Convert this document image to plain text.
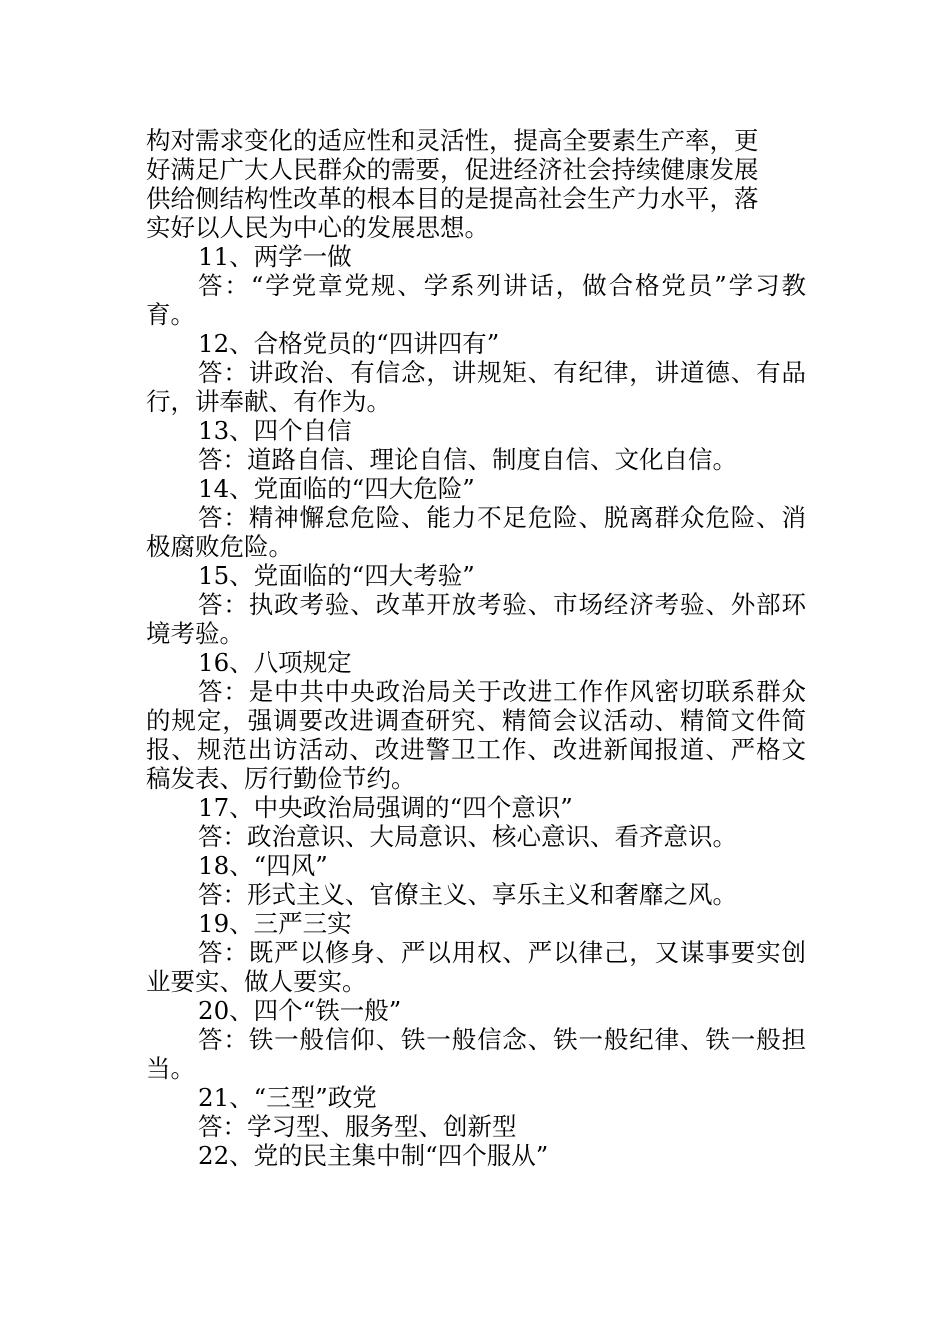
构对需求变化的适应性和灵活性，提高全要素生产率，更

好满足广大人民群众的需要，促进经济社会持续健康发展

供给侧结构性改革的根本目的是提高社会生产力水平，落

实好以人民为中心的发展思想。

11、两学一做

答：“学党章党规、学系列讲话，做合格党员”学习教育。

12、合格党员的“四讲四有”

答：讲政治、有信念，讲规矩、有纪律，讲道德、有品行，讲奉献、有作为。

13、四个自信

答：道路自信、理论自信、制度自信、文化自信。

14、党面临的“四大危险”

答：精神懈怠危险、能力不足危险、脱离群众危险、消极腐败危险。

15、党面临的“四大考验”

答：执政考验、改革开放考验、市场经济考验、外部环境考验。

16、八项规定

答：是中共中央政治局关于改进工作作风密切联系群众的规定，强调要改进调查研究、精简会议活动、精简文件简报、规范出访活动、改进警卫工作、改进新闻报道、严格文稿发表、厉行勤俭节约。

17、中央政治局强调的“四个意识”

答：政治意识、大局意识、核心意识、看齐意识。

18、“四风”

答：形式主义、官僚主义、享乐主义和奢靡之风。

19、三严三实

答：既严以修身、严以用权、严以律己，又谋事要实创业要实、做人要实。

20、四个“铁一般”

答：铁一般信仰、铁一般信念、铁一般纪律、铁一般担当。

21、“三型”政党

答：学习型、服务型、创新型

22、党的民主集中制“四个服从”
